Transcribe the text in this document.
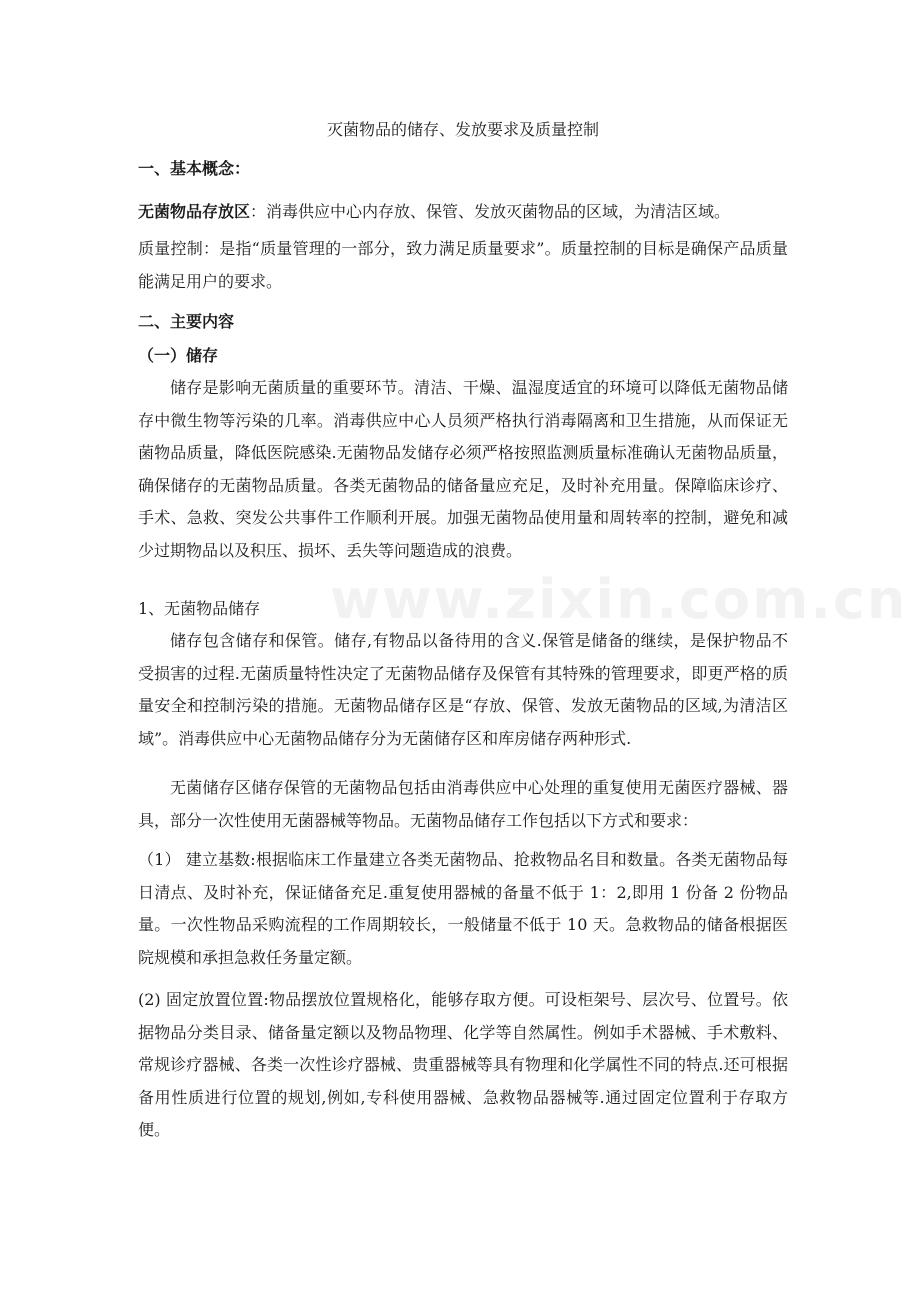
www.zixin.com.cn
灭菌物品的储存、发放要求及质量控制
一、基本概念：
无菌物品存放区：消毒供应中心内存放、保管、发放灭菌物品的区域，为清洁区域。
质量控制：是指“质量管理的一部分，致力满足质量要求”。质量控制的目标是确保产品质量能满足用户的要求。
二、主要内容
（一）储存
储存是影响无菌质量的重要环节。清洁、干燥、温湿度适宜的环境可以降低无菌物品储存中微生物等污染的几率。消毒供应中心人员须严格执行消毒隔离和卫生措施，从而保证无菌物品质量，降低医院感染.无菌物品发储存必须严格按照监测质量标准确认无菌物品质量，确保储存的无菌物品质量。各类无菌物品的储备量应充足，及时补充用量。保障临床诊疗、手术、急救、突发公共事件工作顺利开展。加强无菌物品使用量和周转率的控制，避免和减少过期物品以及积压、损坏、丢失等问题造成的浪费。
1、无菌物品储存
储存包含储存和保管。储存,有物品以备待用的含义.保管是储备的继续，是保护物品不受损害的过程.无菌质量特性决定了无菌物品储存及保管有其特殊的管理要求，即更严格的质量安全和控制污染的措施。无菌物品储存区是“存放、保管、发放无菌物品的区域,为清洁区域”。消毒供应中心无菌物品储存分为无菌储存区和库房储存两种形式.
无菌储存区储存保管的无菌物品包括由消毒供应中心处理的重复使用无菌医疗器械、器具，部分一次性使用无菌器械等物品。无菌物品储存工作包括以下方式和要求：
（1） 建立基数:根据临床工作量建立各类无菌物品、抢救物品名目和数量。各类无菌物品每日清点、及时补充，保证储备充足.重复使用器械的备量不低于 1：2,即用 1 份备 2 份物品量。一次性物品采购流程的工作周期较长，一般储量不低于 10 天。急救物品的储备根据医院规模和承担急救任务量定额。
(2) 固定放置位置:物品摆放位置规格化，能够存取方便。可设柜架号、层次号、位置号。依据物品分类目录、储备量定额以及物品物理、化学等自然属性。例如手术器械、手术敷料、常规诊疗器械、各类一次性诊疗器械、贵重器械等具有物理和化学属性不同的特点.还可根据备用性质进行位置的规划,例如,专科使用器械、急救物品器械等.通过固定位置利于存取方便。
